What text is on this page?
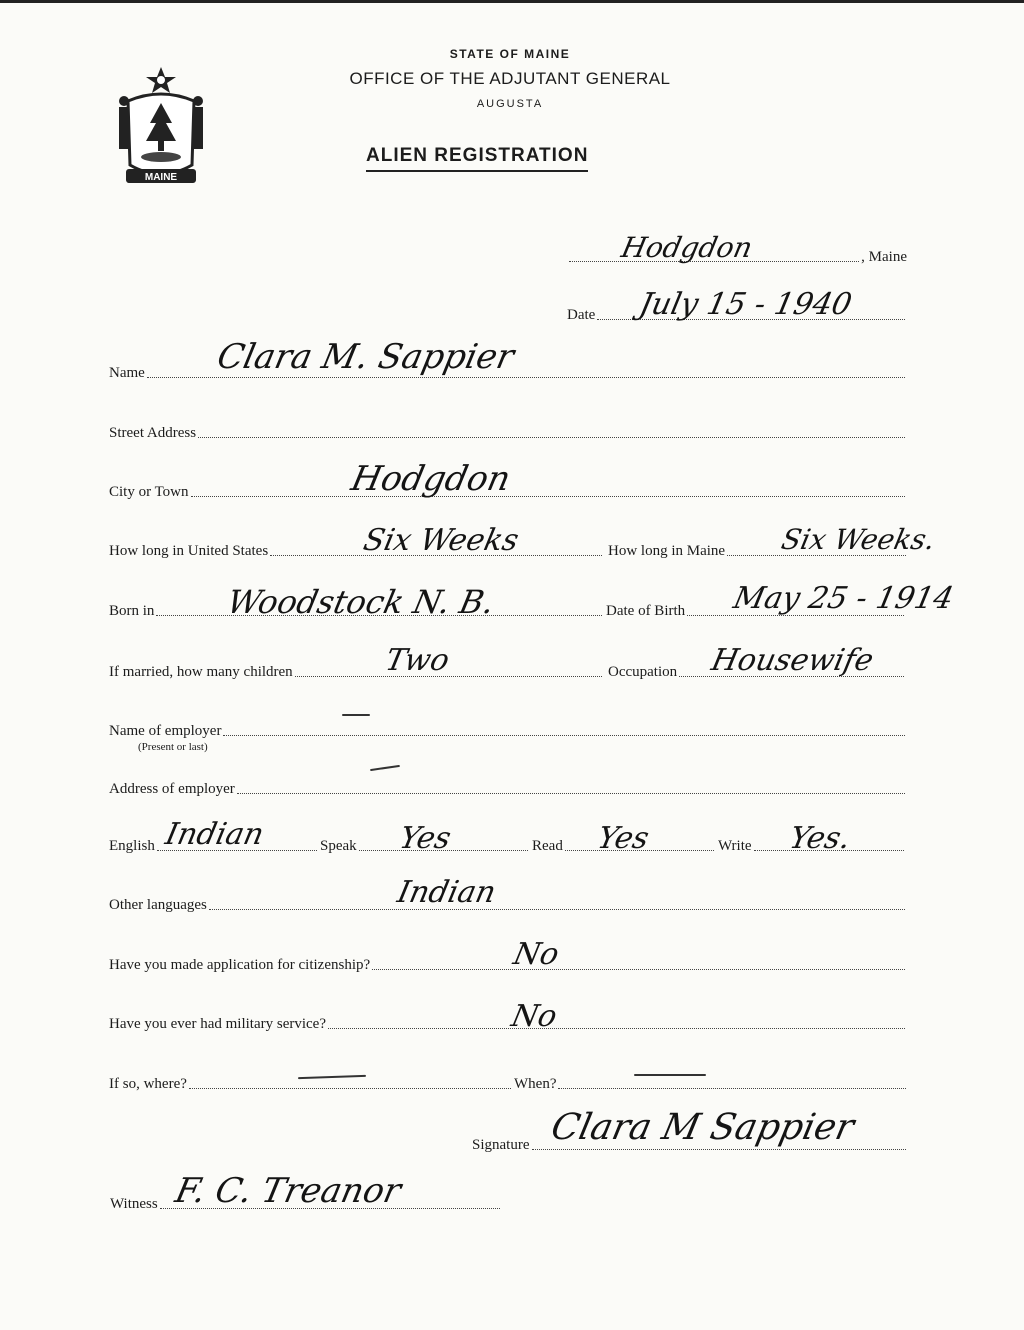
MAINE
STATE OF MAINE
OFFICE OF THE ADJUTANT GENERAL
AUGUSTA
ALIEN REGISTRATION
, Maine
Hodgdon
Date July 15 - 1940
Name Clara M. Sappier
Street Address
City or Town	Hodgdon
How long in United States	Six Weeks	How long in Maine Six Weeks.
Born in Woodstock N. B.	Date of Birth May 25 - 1914
If married, how many children	Two	Occupation Housewife
Name of employer
(Present or last)
Address of employer
English Indian	Speak Yes	Read Yes	Write Yes.
Other languages	Indian
Have you made application for citizenship?	No
Have you ever had military service?	No
If so, where?	When?
Signature Clara M Sappier
Witness F. C. Treanor
